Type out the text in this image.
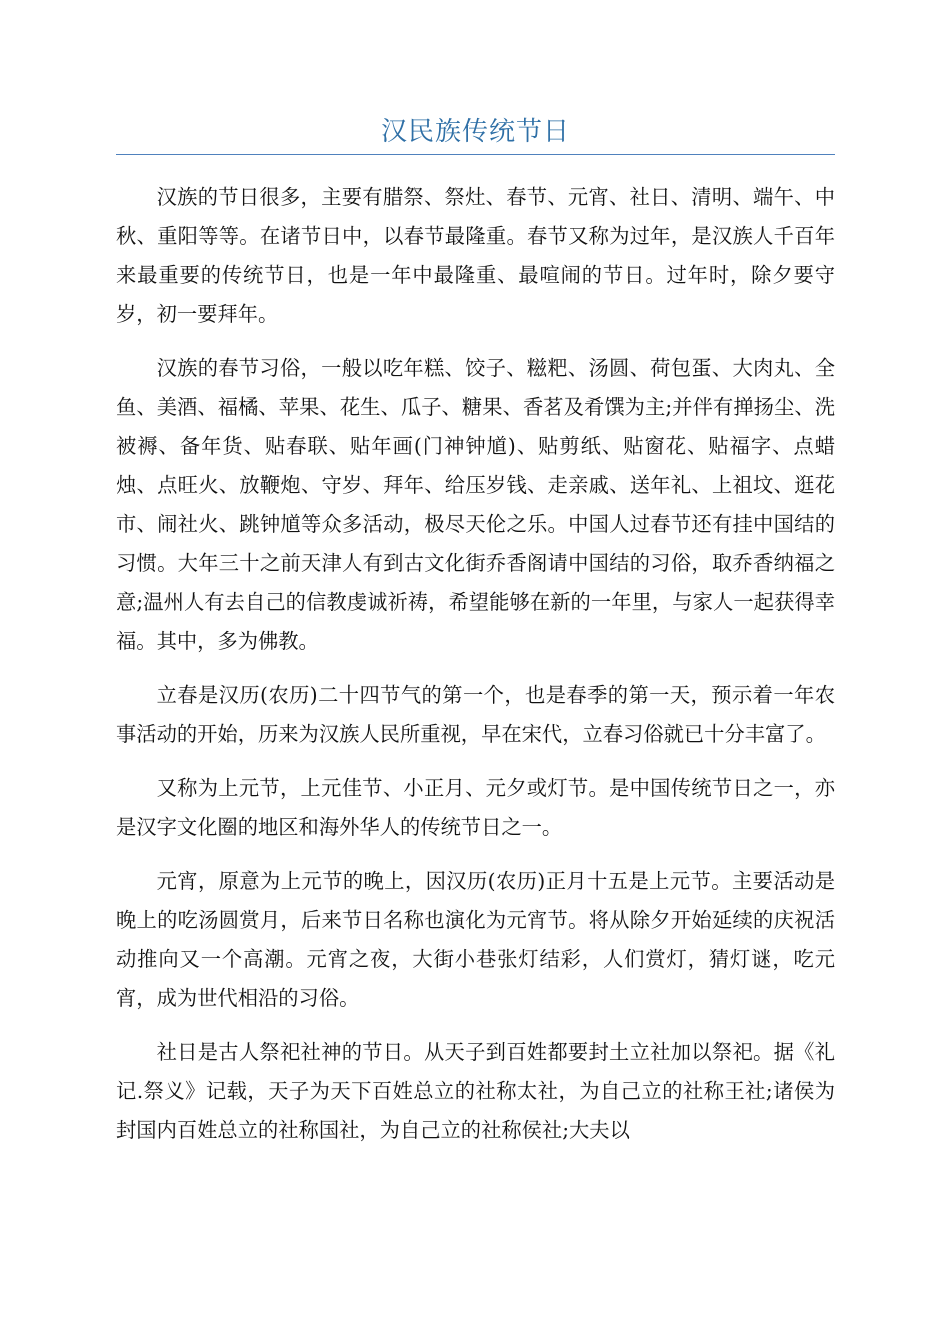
汉民族传统节日

汉族的节日很多，主要有腊祭、祭灶、春节、元宵、社日、清明、端午、中秋、重阳等等。在诸节日中，以春节最隆重。春节又称为过年，是汉族人千百年来最重要的传统节日，也是一年中最隆重、最喧闹的节日。过年时，除夕要守岁，初一要拜年。

汉族的春节习俗，一般以吃年糕、饺子、糍粑、汤圆、荷包蛋、大肉丸、全鱼、美酒、福橘、苹果、花生、瓜子、糖果、香茗及肴馔为主;并伴有掸扬尘、洗被褥、备年货、贴春联、贴年画(门神钟馗)、贴剪纸、贴窗花、贴福字、点蜡烛、点旺火、放鞭炮、守岁、拜年、给压岁钱、走亲戚、送年礼、上祖坟、逛花市、闹社火、跳钟馗等众多活动，极尽天伦之乐。中国人过春节还有挂中国结的习惯。大年三十之前天津人有到古文化街乔香阁请中国结的习俗，取乔香纳福之意;温州人有去自己的信教虔诚祈祷，希望能够在新的一年里，与家人一起获得幸福。其中，多为佛教。

立春是汉历(农历)二十四节气的第一个，也是春季的第一天，预示着一年农事活动的开始，历来为汉族人民所重视，早在宋代，立春习俗就已十分丰富了。

又称为上元节，上元佳节、小正月、元夕或灯节。是中国传统节日之一，亦是汉字文化圈的地区和海外华人的传统节日之一。

元宵，原意为上元节的晚上，因汉历(农历)正月十五是上元节。主要活动是晚上的吃汤圆赏月，后来节日名称也演化为元宵节。将从除夕开始延续的庆祝活动推向又一个高潮。元宵之夜，大街小巷张灯结彩，人们赏灯，猜灯谜，吃元宵，成为世代相沿的习俗。

社日是古人祭祀社神的节日。从天子到百姓都要封土立社加以祭祀。据《礼记.祭义》记载，天子为天下百姓总立的社称太社，为自己立的社称王社;诸侯为封国内百姓总立的社称国社，为自己立的社称侯社;大夫以
